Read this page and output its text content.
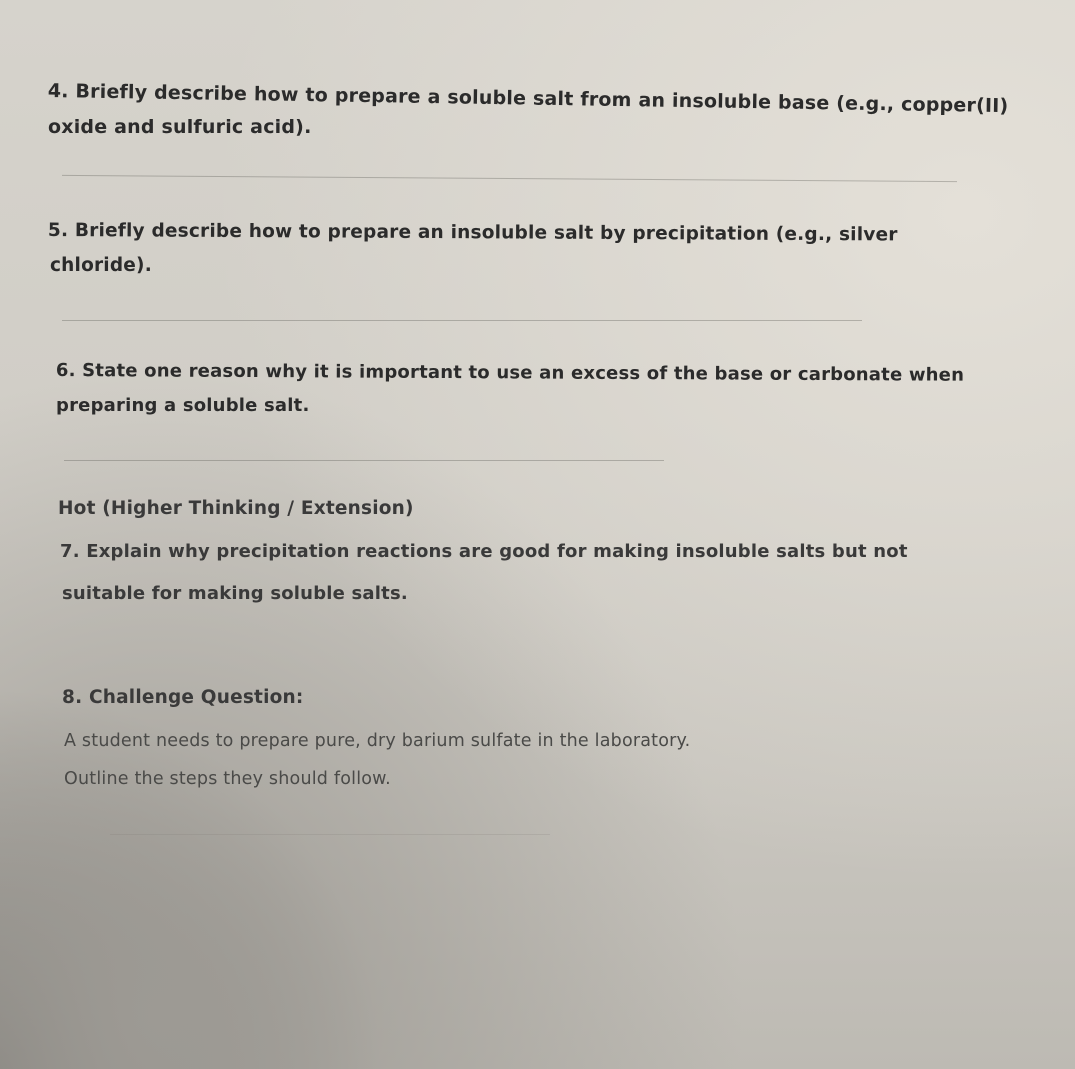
4. Briefly describe how to prepare a soluble salt from an insoluble base (e.g., copper(II)

oxide and sulfuric acid).

5. Briefly describe how to prepare an insoluble salt by precipitation (e.g., silver

chloride).

6. State one reason why it is important to use an excess of the base or carbonate when

preparing a soluble salt.

Hot (Higher Thinking / Extension)

7. Explain why precipitation reactions are good for making insoluble salts but not

suitable for making soluble salts.

8. Challenge Question:

A student needs to prepare pure, dry barium sulfate in the laboratory.

Outline the steps they should follow.
